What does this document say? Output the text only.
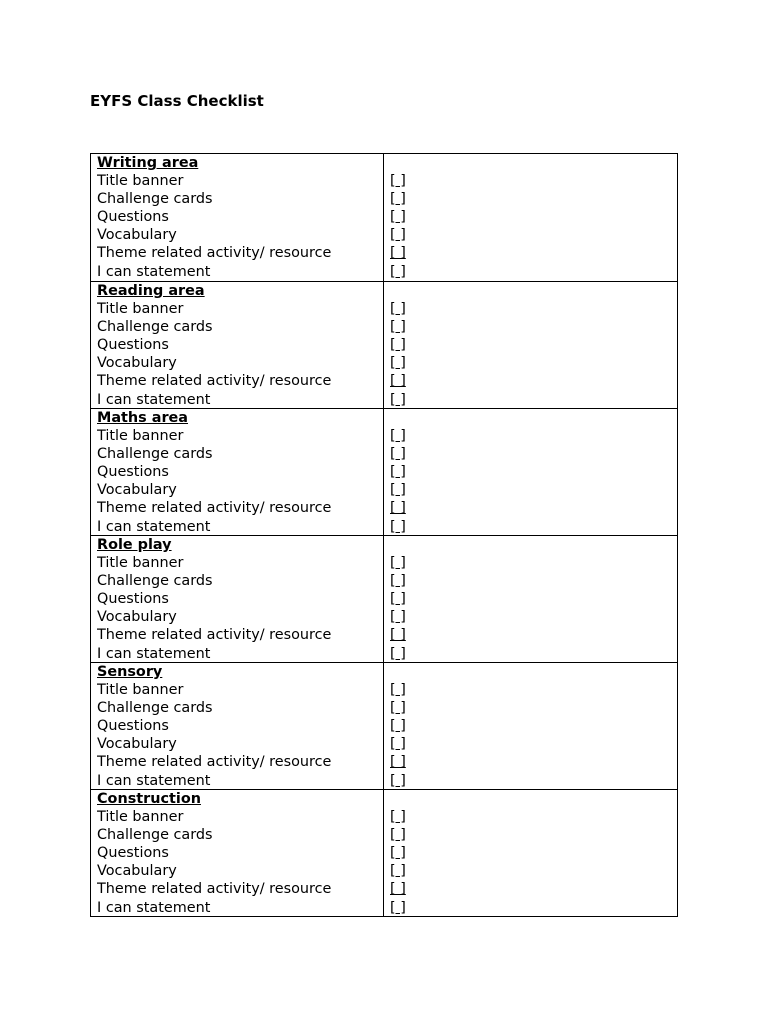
EYFS Class Checklist
Writing area
Title banner
Challenge cards
Questions
Vocabulary
Theme related activity/ resource
I can statement
[ ]
[ ]
[ ]
[ ]
[ ]
[ ]
Reading area
Title banner
Challenge cards
Questions
Vocabulary
Theme related activity/ resource
I can statement
[ ]
[ ]
[ ]
[ ]
[ ]
[ ]
Maths area
Title banner
Challenge cards
Questions
Vocabulary
Theme related activity/ resource
I can statement
[ ]
[ ]
[ ]
[ ]
[ ]
[ ]
Role play
Title banner
Challenge cards
Questions
Vocabulary
Theme related activity/ resource
I can statement
[ ]
[ ]
[ ]
[ ]
[ ]
[ ]
Sensory
Title banner
Challenge cards
Questions
Vocabulary
Theme related activity/ resource
I can statement
[ ]
[ ]
[ ]
[ ]
[ ]
[ ]
Construction
Title banner
Challenge cards
Questions
Vocabulary
Theme related activity/ resource
I can statement
[ ]
[ ]
[ ]
[ ]
[ ]
[ ]
